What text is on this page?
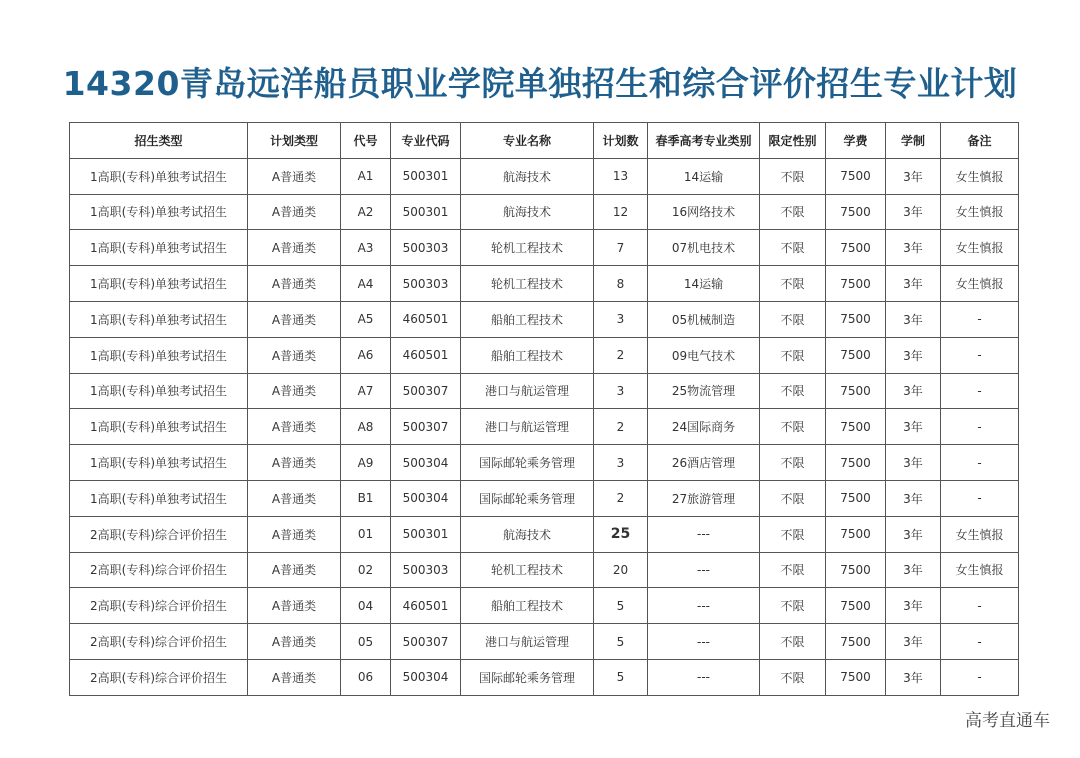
14320青岛远洋船员职业学院单独招生和综合评价招生专业计划
招生类型	计划类型	代号	专业代码	专业名称	计划数	春季高考专业类别	限定性别	学费	学制	备注
1高职(专科)单独考试招生	A普通类	A1	500301	航海技术	13	14运输	不限	7500	3年	女生慎报
1高职(专科)单独考试招生	A普通类	A2	500301	航海技术	12	16网络技术	不限	7500	3年	女生慎报
1高职(专科)单独考试招生	A普通类	A3	500303	轮机工程技术	7	07机电技术	不限	7500	3年	女生慎报
1高职(专科)单独考试招生	A普通类	A4	500303	轮机工程技术	8	14运输	不限	7500	3年	女生慎报
1高职(专科)单独考试招生	A普通类	A5	460501	船舶工程技术	3	05机械制造	不限	7500	3年	-
1高职(专科)单独考试招生	A普通类	A6	460501	船舶工程技术	2	09电气技术	不限	7500	3年	-
1高职(专科)单独考试招生	A普通类	A7	500307	港口与航运管理	3	25物流管理	不限	7500	3年	-
1高职(专科)单独考试招生	A普通类	A8	500307	港口与航运管理	2	24国际商务	不限	7500	3年	-
1高职(专科)单独考试招生	A普通类	A9	500304	国际邮轮乘务管理	3	26酒店管理	不限	7500	3年	-
1高职(专科)单独考试招生	A普通类	B1	500304	国际邮轮乘务管理	2	27旅游管理	不限	7500	3年	-
2高职(专科)综合评价招生	A普通类	01	500301	航海技术	25	---	不限	7500	3年	女生慎报
2高职(专科)综合评价招生	A普通类	02	500303	轮机工程技术	20	---	不限	7500	3年	女生慎报
2高职(专科)综合评价招生	A普通类	04	460501	船舶工程技术	5	---	不限	7500	3年	-
2高职(专科)综合评价招生	A普通类	05	500307	港口与航运管理	5	---	不限	7500	3年	-
2高职(专科)综合评价招生	A普通类	06	500304	国际邮轮乘务管理	5	---	不限	7500	3年	-
高考直通车
